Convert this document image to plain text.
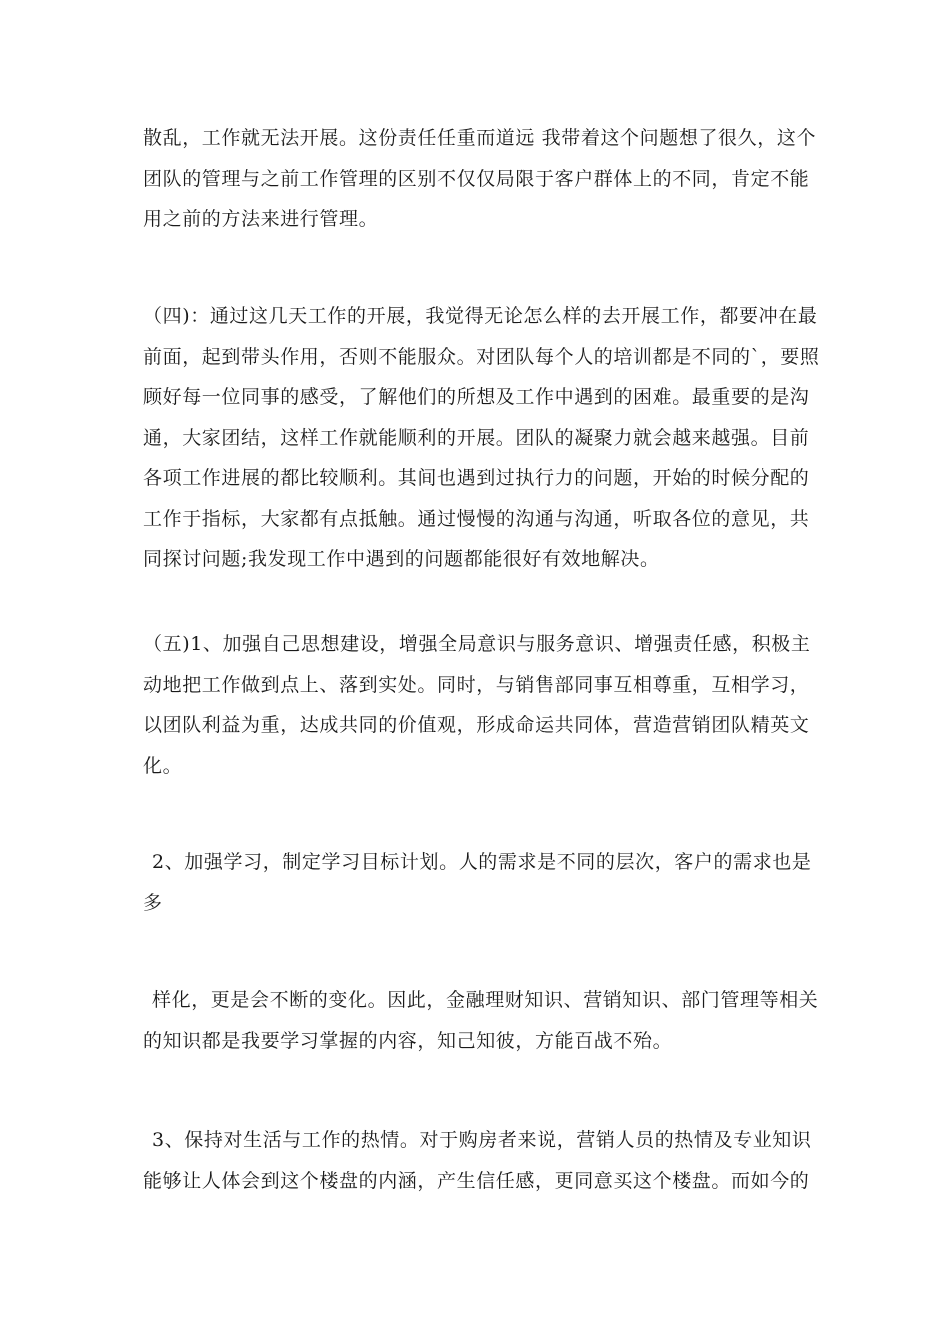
散乱，工作就无法开展。这份责任任重而道远 我带着这个问题想了很久，这个
团队的管理与之前工作管理的区别不仅仅局限于客户群体上的不同，肯定不能
用之前的方法来进行管理。
（四)：通过这几天工作的开展，我觉得无论怎么样的去开展工作，都要冲在最
前面，起到带头作用，否则不能服众。对团队每个人的培训都是不同的`，要照
顾好每一位同事的感受，了解他们的所想及工作中遇到的困难。最重要的是沟
通，大家团结，这样工作就能顺利的开展。团队的凝聚力就会越来越强。目前
各项工作进展的都比较顺利。其间也遇到过执行力的问题，开始的时候分配的
工作于指标，大家都有点抵触。通过慢慢的沟通与沟通，听取各位的意见，共
同探讨问题;我发现工作中遇到的问题都能很好有效地解决。
（五)1、加强自己思想建设，增强全局意识与服务意识、增强责任感，积极主
动地把工作做到点上、落到实处。同时，与销售部同事互相尊重，互相学习，
以团队利益为重，达成共同的价值观，形成命运共同体，营造营销团队精英文
化。
2、加强学习，制定学习目标计划。人的需求是不同的层次，客户的需求也是
多
样化，更是会不断的变化。因此，金融理财知识、营销知识、部门管理等相关
的知识都是我要学习掌握的内容，知己知彼，方能百战不殆。
3、保持对生活与工作的热情。对于购房者来说，营销人员的热情及专业知识
能够让人体会到这个楼盘的内涵，产生信任感，更同意买这个楼盘。而如今的
